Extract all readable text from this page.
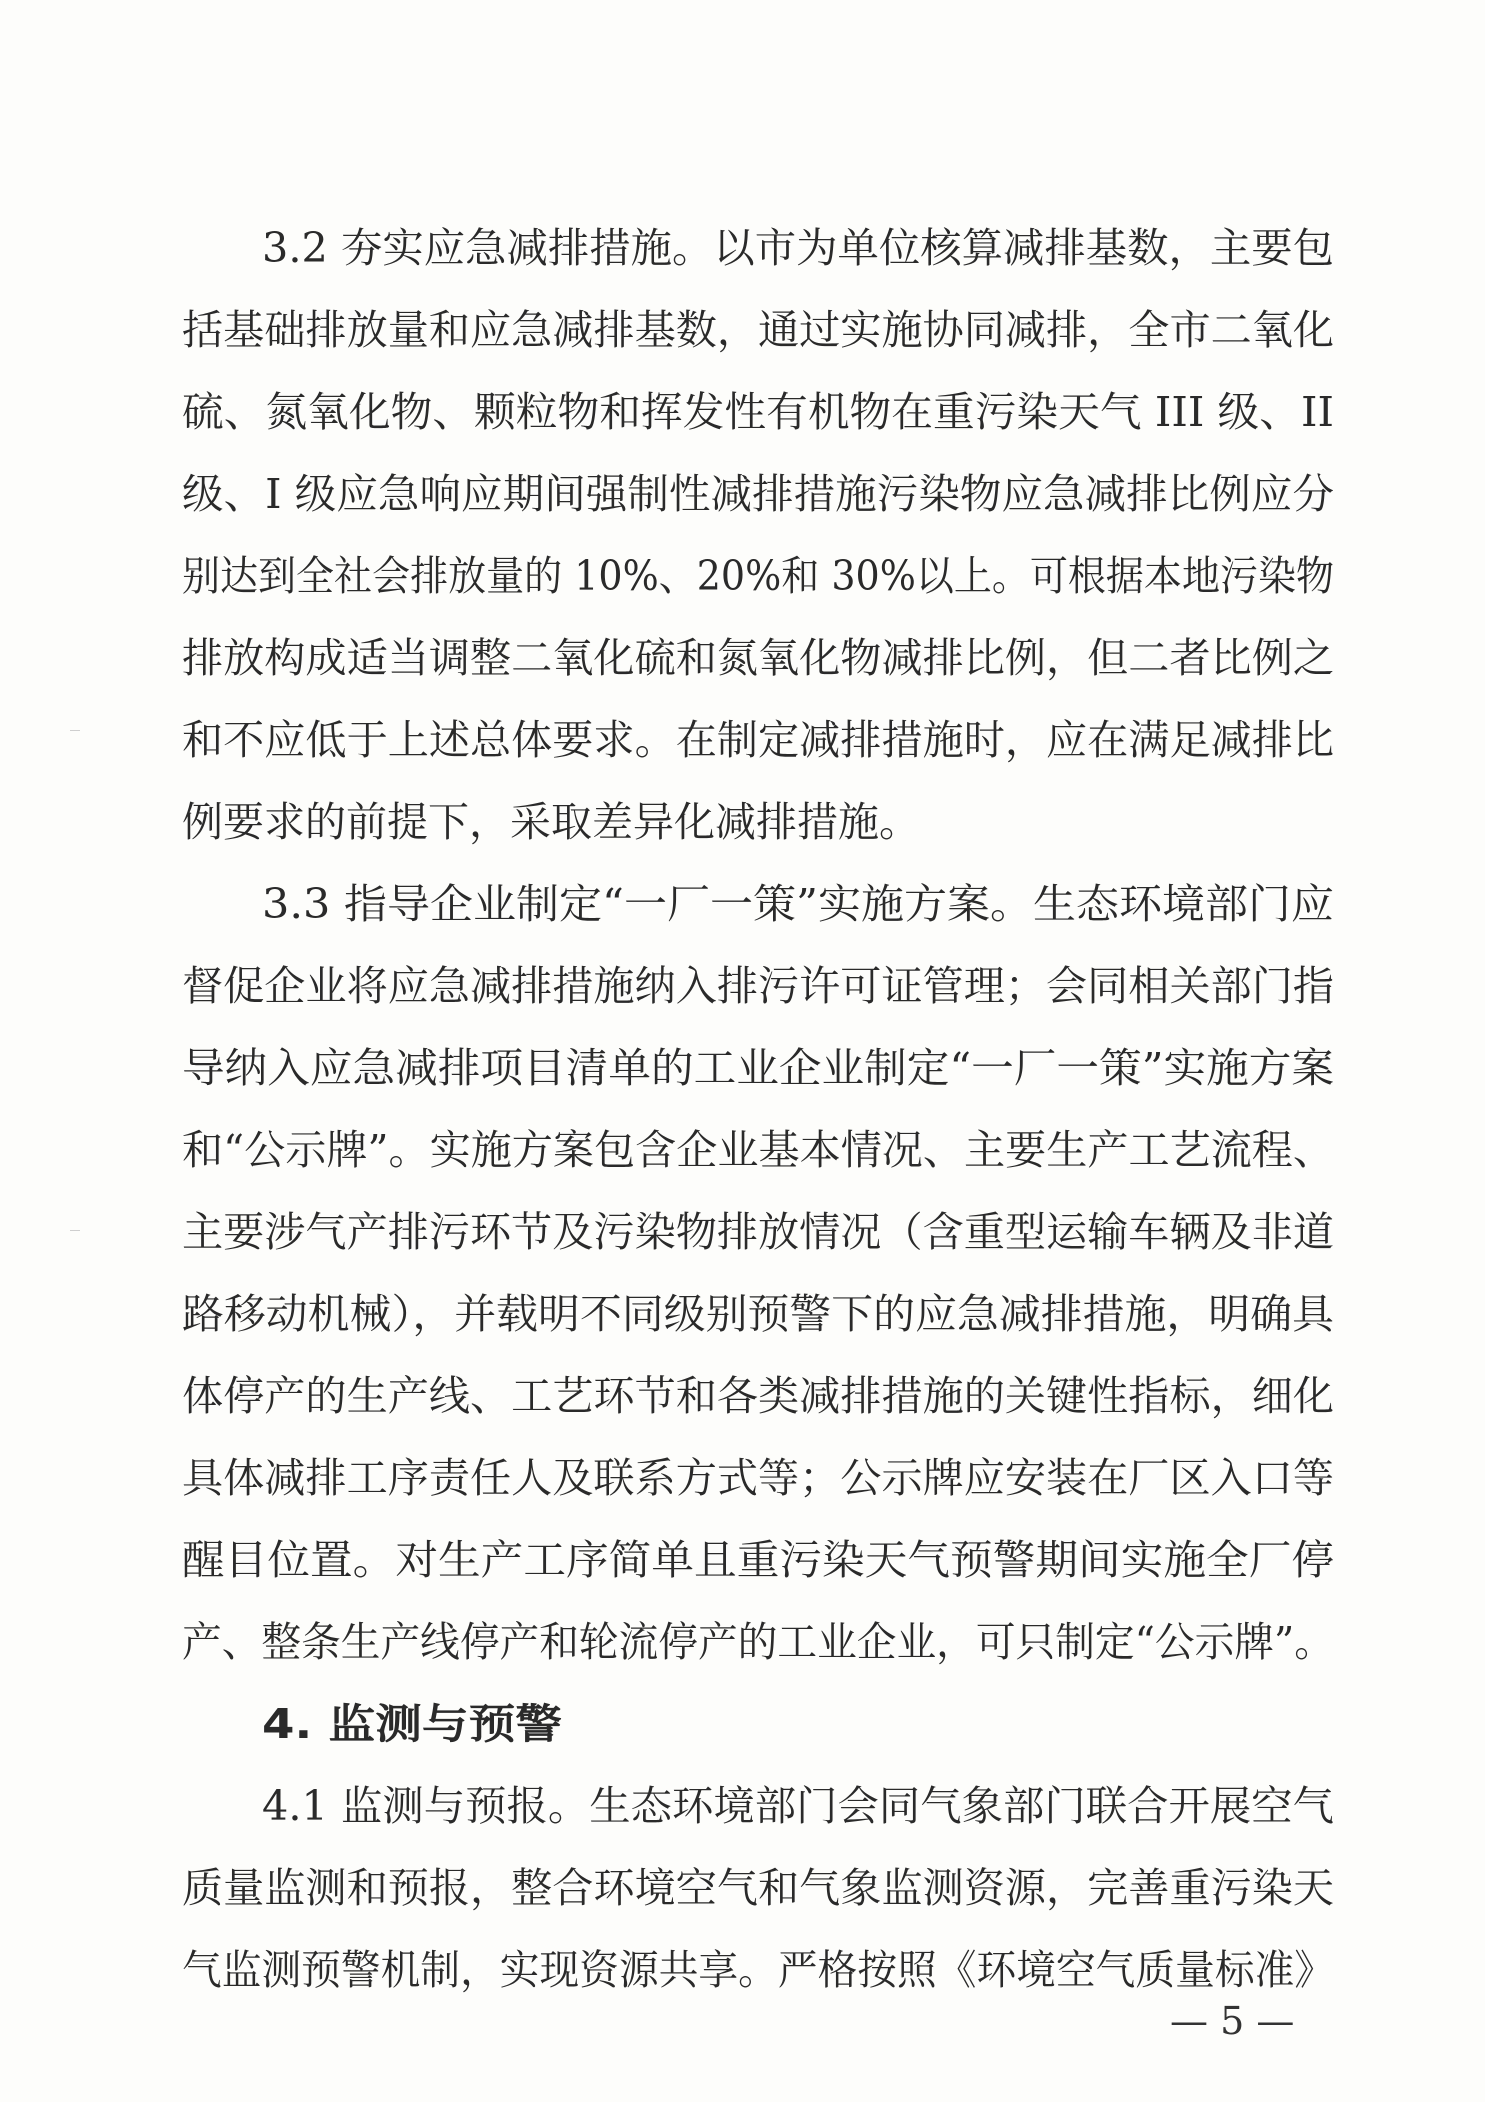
3.2 夯实应急减排措施。以市为单位核算减排基数，主要包
括基础排放量和应急减排基数，通过实施协同减排，全市二氧化
硫、氮氧化物、颗粒物和挥发性有机物在重污染天气 III 级、II
级、I 级应急响应期间强制性减排措施污染物应急减排比例应分
别达到全社会排放量的 10%、20%和 30%以上。可根据本地污染物
排放构成适当调整二氧化硫和氮氧化物减排比例，但二者比例之
和不应低于上述总体要求。在制定减排措施时，应在满足减排比
例要求的前提下，采取差异化减排措施。
3.3 指导企业制定“一厂一策”实施方案。生态环境部门应
督促企业将应急减排措施纳入排污许可证管理；会同相关部门指
导纳入应急减排项目清单的工业企业制定“一厂一策”实施方案
和“公示牌”。实施方案包含企业基本情况、主要生产工艺流程、
主要涉气产排污环节及污染物排放情况（含重型运输车辆及非道
路移动机械），并载明不同级别预警下的应急减排措施，明确具
体停产的生产线、工艺环节和各类减排措施的关键性指标，细化
具体减排工序责任人及联系方式等；公示牌应安装在厂区入口等
醒目位置。对生产工序简单且重污染天气预警期间实施全厂停
产、整条生产线停产和轮流停产的工业企业，可只制定“公示牌”。
4. 监测与预警
4.1 监测与预报。生态环境部门会同气象部门联合开展空气
质量监测和预报，整合环境空气和气象监测资源，完善重污染天
气监测预警机制，实现资源共享。严格按照《环境空气质量标准》
— 5 —
